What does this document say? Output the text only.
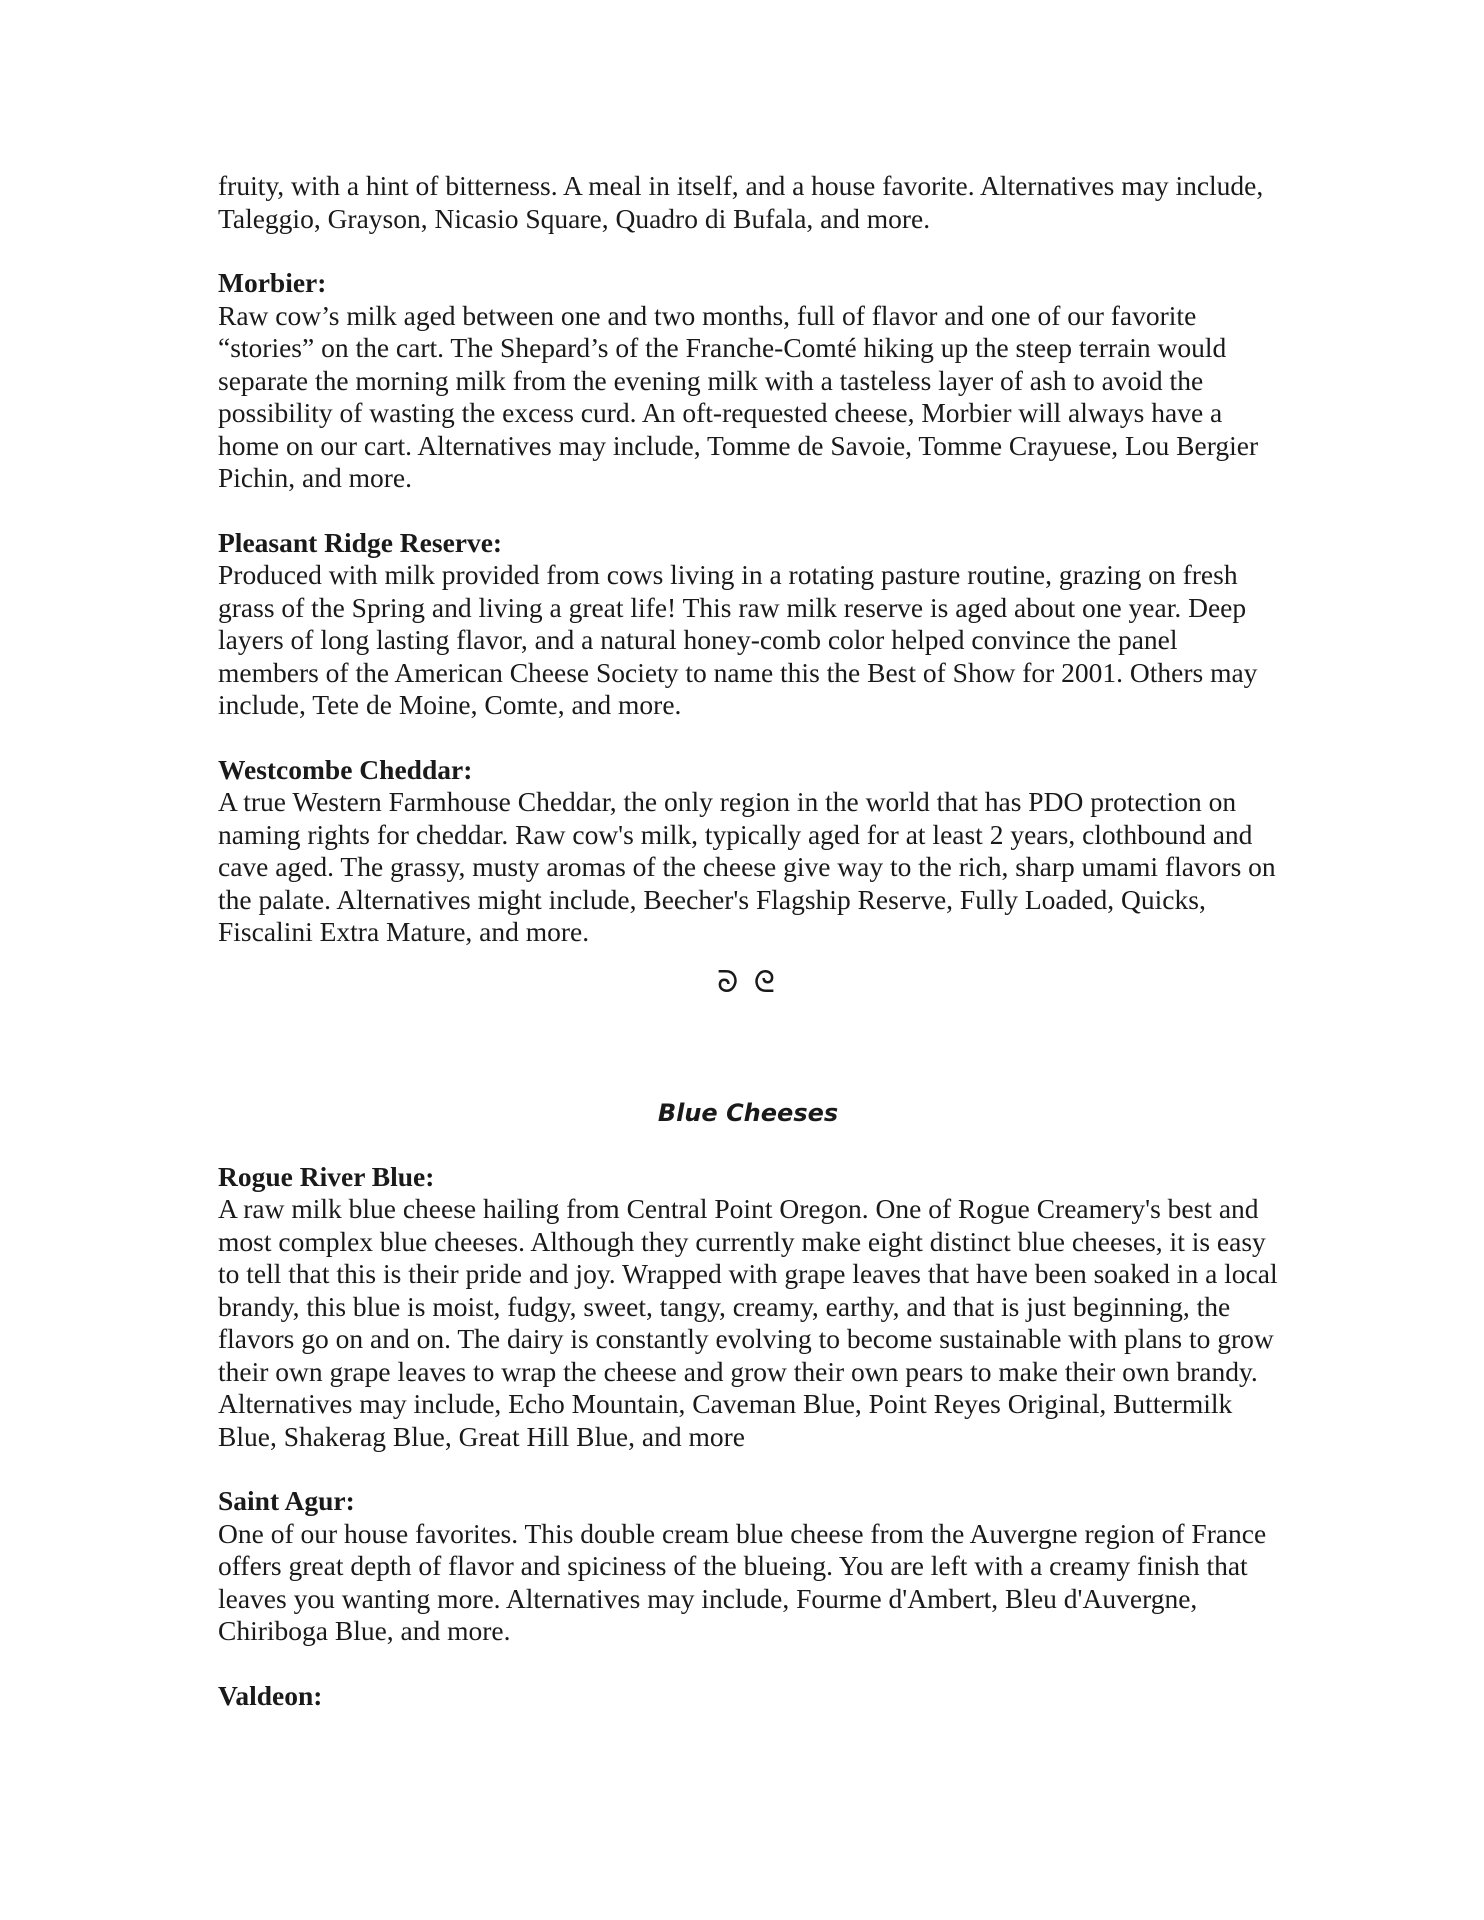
fruity, with a hint of bitterness. A meal in itself, and a house favorite. Alternatives may include, Taleggio, Grayson, Nicasio Square, Quadro di Bufala, and more.

Morbier:

Raw cow’s milk aged between one and two months, full of flavor and one of our favorite “stories” on the cart. The Shepard’s of the Franche-Comté hiking up the steep terrain would separate the morning milk from the evening milk with a tasteless layer of ash to avoid the possibility of wasting the excess curd. An oft-requested cheese, Morbier will always have a home on our cart. Alternatives may include, Tomme de Savoie, Tomme Crayuese, Lou Bergier Pichin, and more.

Pleasant Ridge Reserve:

Produced with milk provided from cows living in a rotating pasture routine, grazing on fresh grass of the Spring and living a great life! This raw milk reserve is aged about one year. Deep layers of long lasting flavor, and a natural honey-comb color helped convince the panel members of the American Cheese Society to name this the Best of Show for 2001. Others may include, Tete de Moine, Comte, and more.

Westcombe Cheddar:

A true Western Farmhouse Cheddar, the only region in the world that has PDO protection on naming rights for cheddar. Raw cow's milk, typically aged for at least 2 years, clothbound and cave aged. The grassy, musty aromas of the cheese give way to the rich, sharp umami flavors on the palate. Alternatives might include, Beecher's Flagship Reserve, Fully Loaded, Quicks, Fiscalini Extra Mature, and more.

ᘐ ᘓ
Blue Cheeses

Rogue River Blue:

A raw milk blue cheese hailing from Central Point Oregon. One of Rogue Creamery's best and most complex blue cheeses. Although they currently make eight distinct blue cheeses, it is easy to tell that this is their pride and joy. Wrapped with grape leaves that have been soaked in a local brandy, this blue is moist, fudgy, sweet, tangy, creamy, earthy, and that is just beginning, the flavors go on and on. The dairy is constantly evolving to become sustainable with plans to grow their own grape leaves to wrap the cheese and grow their own pears to make their own brandy. Alternatives may include, Echo Mountain, Caveman Blue, Point Reyes Original, Buttermilk Blue, Shakerag Blue, Great Hill Blue, and more

Saint Agur:

One of our house favorites. This double cream blue cheese from the Auvergne region of France offers great depth of flavor and spiciness of the blueing. You are left with a creamy finish that leaves you wanting more. Alternatives may include, Fourme d'Ambert, Bleu d'Auvergne, Chiriboga Blue, and more.

Valdeon:
